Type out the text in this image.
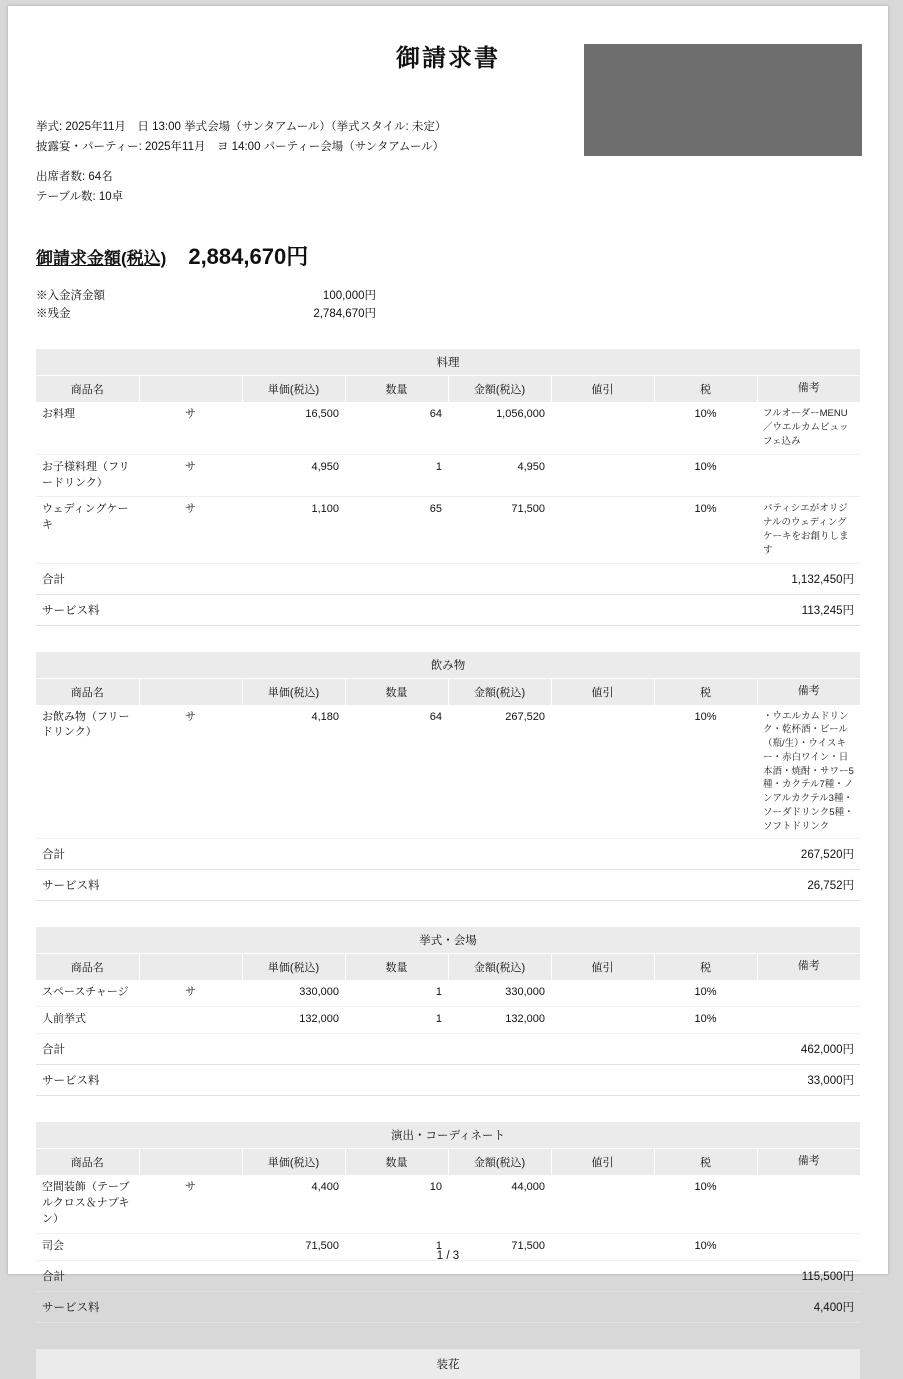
御請求書
挙式: 2025年11月　日 13:00 挙式会場（サンタアムール）（挙式スタイル: 未定）
披露宴・パーティー: 2025年11月　ヨ 14:00 パーティー会場（サンタアムール）
出席者数: 64名
テーブル数: 10卓
御請求金額(税込) 2,884,670円
※入金済金額	100,000円
※残金	2,784,670円
料理							
商品名		単価(税込)	数量	金額(税込)	値引	税	備考
お料理	サ	16,500	64	1,056,000		10%	フルオーダーMENU／ウエルカムビュッフェ込み
お子様料理（フリードリンク）	サ	4,950	1	4,950		10%	
ウェディングケーキ	サ	1,100	65	71,500		10%	パティシエがオリジナルのウェディングケーキをお創りします
合計	1,132,450円
サービス料	113,245円
飲み物							
商品名		単価(税込)	数量	金額(税込)	値引	税	備考
お飲み物（フリードリンク）	サ	4,180	64	267,520		10%	・ウエルカムドリンク・乾杯酒・ビール（瓶/生）・ウイスキー・赤白ワイン・日本酒・焼酎・サワー5種・カクテル7種・ノンアルカクテル3種・ソーダドリンク5種・ソフトドリンク
合計	267,520円
サービス料	26,752円
挙式・会場							
商品名		単価(税込)	数量	金額(税込)	値引	税	備考
スペースチャージ	サ	330,000	1	330,000		10%	
人前挙式		132,000	1	132,000		10%	
合計	462,000円
サービス料	33,000円
演出・コーディネート							
商品名		単価(税込)	数量	金額(税込)	値引	税	備考
空間装飾（テーブルクロス＆ナプキン）	サ	4,400	10	44,000		10%	
司会		71,500	1	71,500		10%	
合計	115,500円
サービス料	4,400円
装花
1 / 3
